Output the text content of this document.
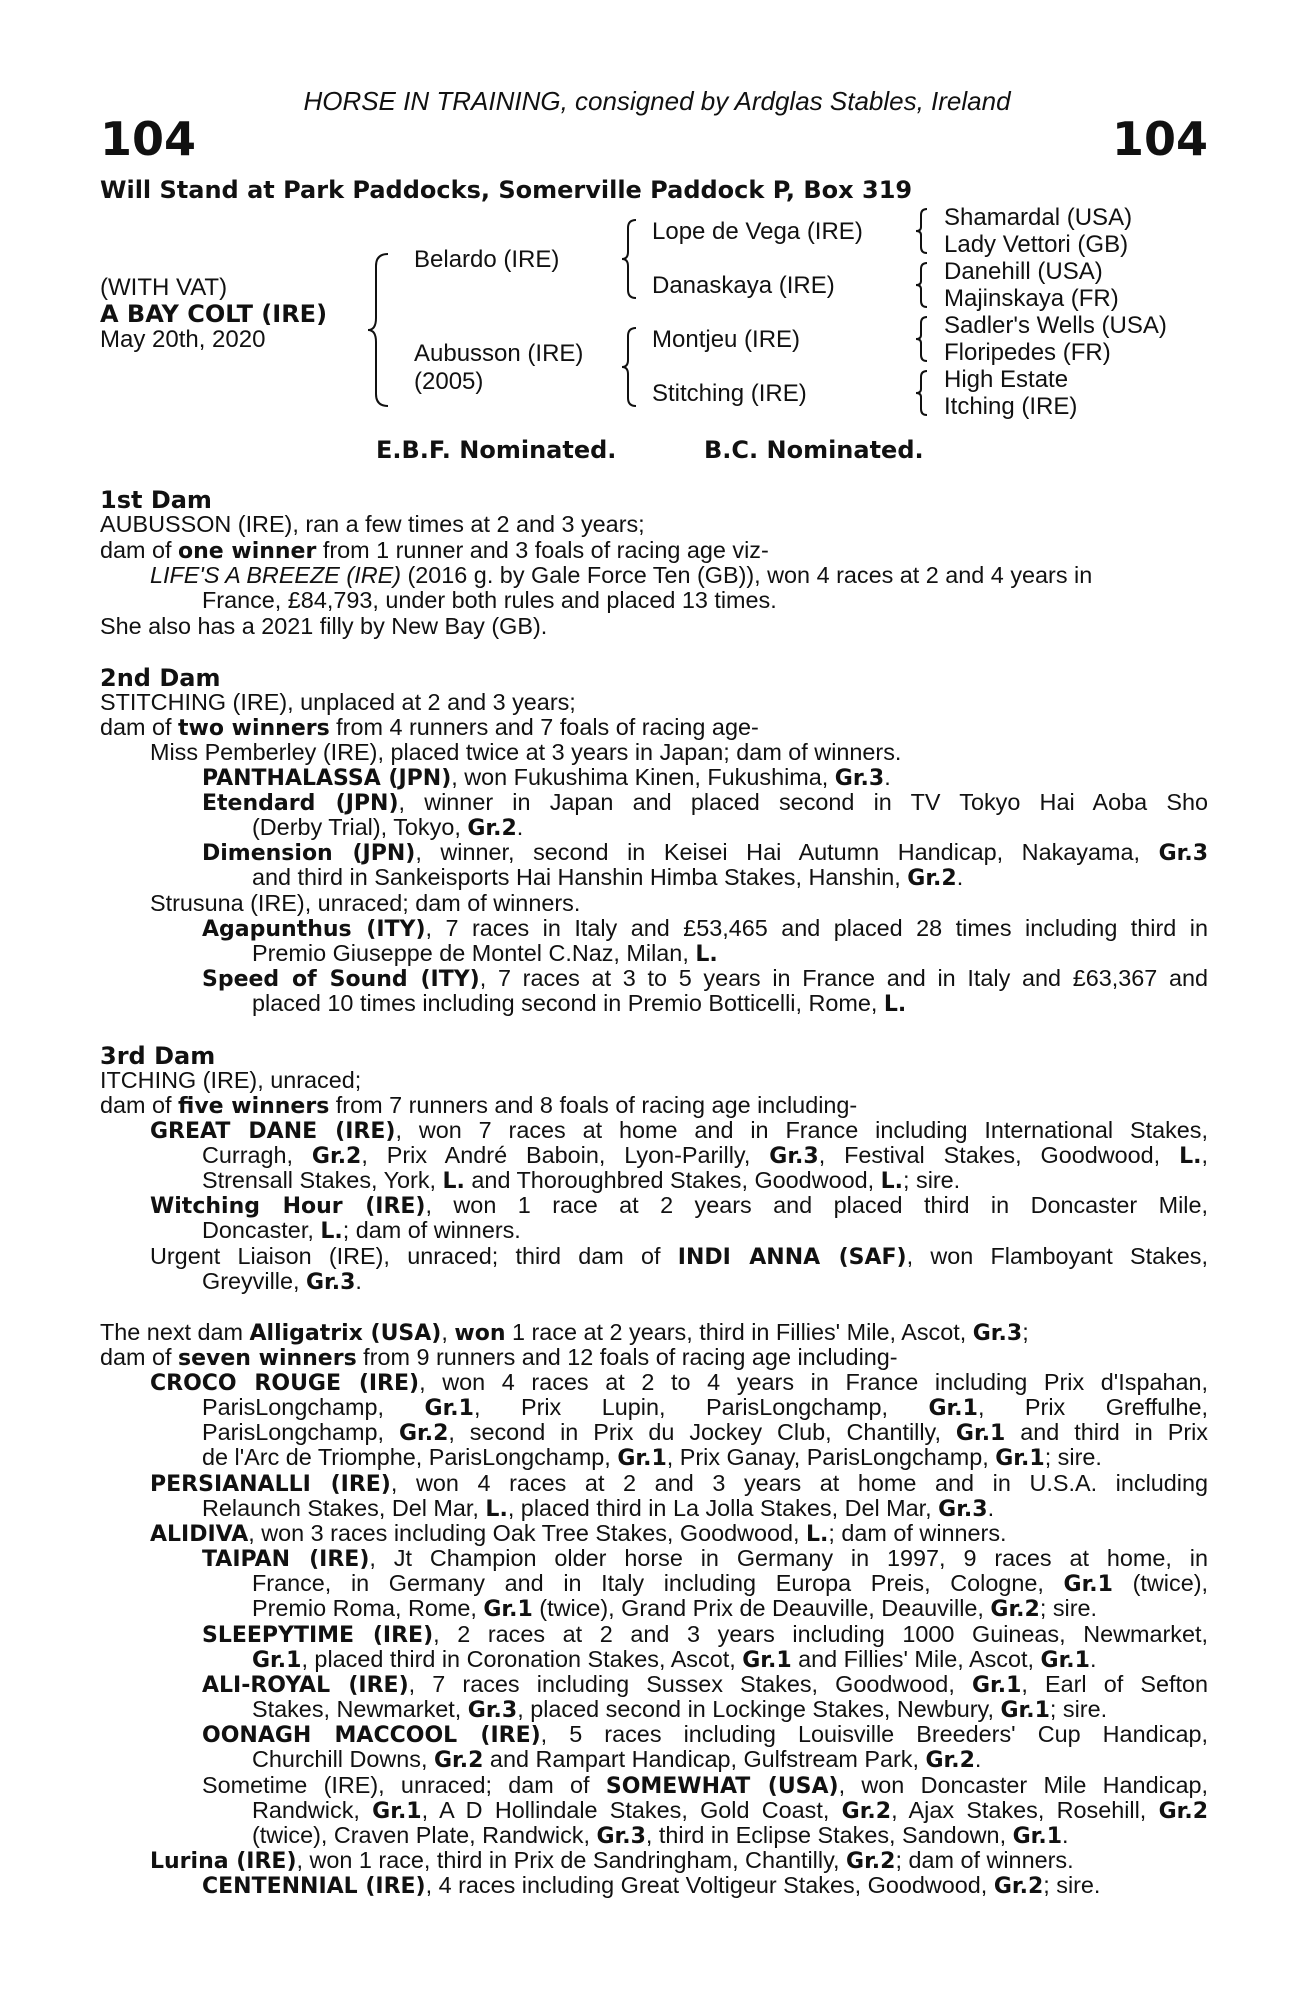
HORSE IN TRAINING, consigned by Ardglas Stables, Ireland
104	104
Will Stand at Park Paddocks, Somerville Paddock P, Box 319
(WITH VAT)
A BAY COLT (IRE)
May 20th, 2020
Belardo (IRE)
Aubusson (IRE)
(2005)
Lope de Vega (IRE)
Danaskaya (IRE)
Montjeu (IRE)
Stitching (IRE)
Shamardal (USA)
Lady Vettori (GB)
Danehill (USA)
Majinskaya (FR)
Sadler's Wells (USA)
Floripedes (FR)
High Estate
Itching (IRE)
E.B.F. Nominated.	B.C. Nominated.
1st Dam
AUBUSSON (IRE), ran a few times at 2 and 3 years;
dam of one winner from 1 runner and 3 foals of racing age viz-
LIFE'S A BREEZE (IRE) (2016 g. by Gale Force Ten (GB)), won 4 races at 2 and 4 years in
France, £84,793, under both rules and placed 13 times.
She also has a 2021 filly by New Bay (GB).
2nd Dam
STITCHING (IRE), unplaced at 2 and 3 years;
dam of two winners from 4 runners and 7 foals of racing age-
Miss Pemberley (IRE), placed twice at 3 years in Japan; dam of winners.
PANTHALASSA (JPN), won Fukushima Kinen, Fukushima, Gr.3.
Etendard (JPN), winner in Japan and placed second in TV Tokyo Hai Aoba Sho
(Derby Trial), Tokyo, Gr.2.
Dimension (JPN), winner, second in Keisei Hai Autumn Handicap, Nakayama, Gr.3
and third in Sankeisports Hai Hanshin Himba Stakes, Hanshin, Gr.2.
Strusuna (IRE), unraced; dam of winners.
Agapunthus (ITY), 7 races in Italy and £53,465 and placed 28 times including third in
Premio Giuseppe de Montel C.Naz, Milan, L.
Speed of Sound (ITY), 7 races at 3 to 5 years in France and in Italy and £63,367 and
placed 10 times including second in Premio Botticelli, Rome, L.
3rd Dam
ITCHING (IRE), unraced;
dam of five winners from 7 runners and 8 foals of racing age including-
GREAT DANE (IRE), won 7 races at home and in France including International Stakes,
Curragh, Gr.2, Prix André Baboin, Lyon-Parilly, Gr.3, Festival Stakes, Goodwood, L.,
Strensall Stakes, York, L. and Thoroughbred Stakes, Goodwood, L.; sire.
Witching Hour (IRE), won 1 race at 2 years and placed third in Doncaster Mile,
Doncaster, L.; dam of winners.
Urgent Liaison (IRE), unraced; third dam of INDI ANNA (SAF), won Flamboyant Stakes,
Greyville, Gr.3.
The next dam Alligatrix (USA), won 1 race at 2 years, third in Fillies' Mile, Ascot, Gr.3;
dam of seven winners from 9 runners and 12 foals of racing age including-
CROCO ROUGE (IRE), won 4 races at 2 to 4 years in France including Prix d'Ispahan,
ParisLongchamp, Gr.1, Prix Lupin, ParisLongchamp, Gr.1, Prix Greffulhe,
ParisLongchamp, Gr.2, second in Prix du Jockey Club, Chantilly, Gr.1 and third in Prix
de l'Arc de Triomphe, ParisLongchamp, Gr.1, Prix Ganay, ParisLongchamp, Gr.1; sire.
PERSIANALLI (IRE), won 4 races at 2 and 3 years at home and in U.S.A. including
Relaunch Stakes, Del Mar, L., placed third in La Jolla Stakes, Del Mar, Gr.3.
ALIDIVA, won 3 races including Oak Tree Stakes, Goodwood, L.; dam of winners.
TAIPAN (IRE), Jt Champion older horse in Germany in 1997, 9 races at home, in
France, in Germany and in Italy including Europa Preis, Cologne, Gr.1 (twice),
Premio Roma, Rome, Gr.1 (twice), Grand Prix de Deauville, Deauville, Gr.2; sire.
SLEEPYTIME (IRE), 2 races at 2 and 3 years including 1000 Guineas, Newmarket,
Gr.1, placed third in Coronation Stakes, Ascot, Gr.1 and Fillies' Mile, Ascot, Gr.1.
ALI-ROYAL (IRE), 7 races including Sussex Stakes, Goodwood, Gr.1, Earl of Sefton
Stakes, Newmarket, Gr.3, placed second in Lockinge Stakes, Newbury, Gr.1; sire.
OONAGH MACCOOL (IRE), 5 races including Louisville Breeders' Cup Handicap,
Churchill Downs, Gr.2 and Rampart Handicap, Gulfstream Park, Gr.2.
Sometime (IRE), unraced; dam of SOMEWHAT (USA), won Doncaster Mile Handicap,
Randwick, Gr.1, A D Hollindale Stakes, Gold Coast, Gr.2, Ajax Stakes, Rosehill, Gr.2
(twice), Craven Plate, Randwick, Gr.3, third in Eclipse Stakes, Sandown, Gr.1.
Lurina (IRE), won 1 race, third in Prix de Sandringham, Chantilly, Gr.2; dam of winners.
CENTENNIAL (IRE), 4 races including Great Voltigeur Stakes, Goodwood, Gr.2; sire.
